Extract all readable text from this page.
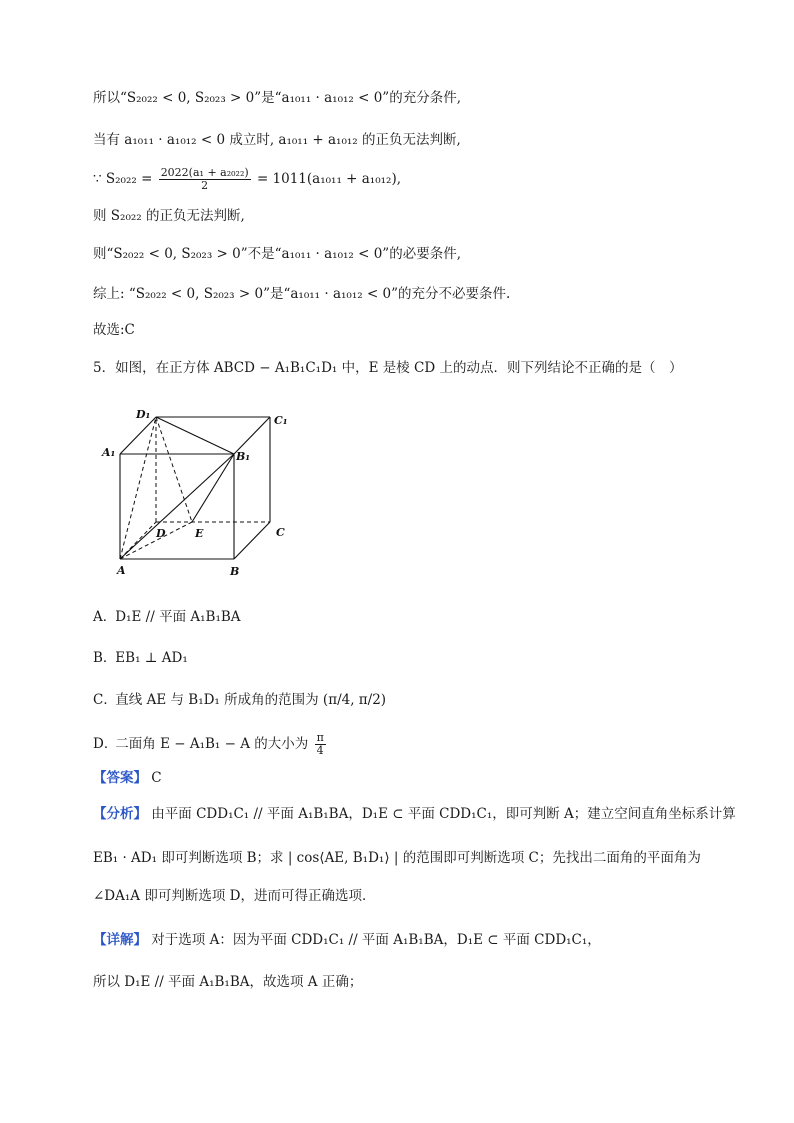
所以“S₂₀₂₂ < 0, S₂₀₂₃ > 0”是“a₁₀₁₁ · a₁₀₁₂ < 0”的充分条件,
当有 a₁₀₁₁ · a₁₀₁₂ < 0 成立时, a₁₀₁₁ + a₁₀₁₂ 的正负无法判断,
∵ $S_{2022} = \frac{\text{2022(a₁ + a₂₀₂₂)}}{2} = 1011(a_{1011} + a_{1012})$,
则 S₂₀₂₂ 的正负无法判断,
则“S₂₀₂₂ < 0, S₂₀₂₃ > 0”不是“a₁₀₁₁ · a₁₀₁₂ < 0”的必要条件,
综上: “S₂₀₂₂ < 0, S₂₀₂₃ > 0”是“a₁₀₁₁ · a₁₀₁₂ < 0”的充分不必要条件.
故选:C
5．如图，在正方体 ABCD − A₁B₁C₁D₁ 中，E 是棱 CD 上的动点．则下列结论不正确的是（　）
D₁	C₁
A₁	B₁
D	E	C
A	B
A． D₁E // 平面 A₁B₁BA
B． EB₁ ⊥ AD₁
C． 直线 AE 与 B₁D₁ 所成角的范围为 (π/4, π/2)
D． 二面角 E − A₁B₁ − A 的大小为 $\frac{\pi}{4}$
【答案】 C
【分析】 由平面 CDD₁C₁ // 平面 A₁B₁BA，D₁E ⊂ 平面 CDD₁C₁，即可判断 A；建立空间直角坐标系计算
EB₁ · AD₁ 即可判断选项 B；求 | cos⟨AE, B₁D₁⟩ | 的范围即可判断选项 C；先找出二面角的平面角为
∠DA₁A 即可判断选项 D，进而可得正确选项．
【详解】 对于选项 A：因为平面 CDD₁C₁ // 平面 A₁B₁BA，D₁E ⊂ 平面 CDD₁C₁，
所以 D₁E // 平面 A₁B₁BA，故选项 A 正确；
